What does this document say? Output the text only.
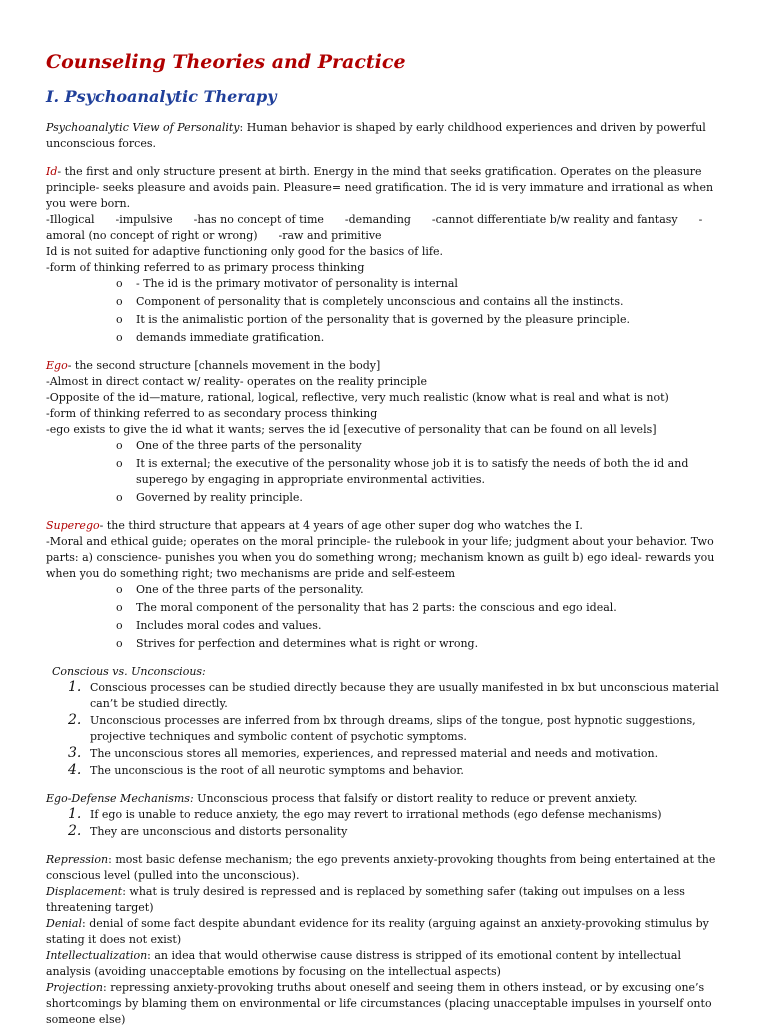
Counseling Theories and Practice
I. Psychoanalytic Therapy

Psychoanalytic View of Personality: Human behavior is shaped by early childhood experiences and driven by powerful unconscious forces.

Id- the first and only structure present at birth. Energy in the mind that seeks gratification. Operates on the pleasure principle- seeks pleasure and avoids pain. Pleasure= need gratification. The id is very immature and irrational as when you were born.

-Illogical      -impulsive      -has no concept of time      -demanding      -cannot differentiate b/w reality and fantasy      -amoral (no concept of right or wrong)      -raw and primitive

Id is not suited for adaptive functioning only good for the basics of life.

-form of thinking referred to as primary process thinking

o - The id is the primary motivator of personality is internal
o Component of personality that is completely unconscious and contains all the instincts.
o It is the animalistic portion of the personality that is governed by the pleasure principle.
o demands immediate gratification.

Ego- the second structure [channels movement in the body]

-Almost in direct contact w/ reality- operates on the reality principle

-Opposite of the id—mature, rational, logical, reflective, very much realistic (know what is real and what is not)

-form of thinking referred to as secondary process thinking

-ego exists to give the id what it wants; serves the id [executive of personality that can be found on all levels]

o One of the three parts of the personality
o It is external; the executive of the personality whose job it is to satisfy the needs of both the id and superego by engaging in appropriate environmental activities.
o Governed by reality principle.

Superego- the third structure that appears at 4 years of age other super dog who watches the I.

-Moral and ethical guide; operates on the moral principle- the rulebook in your life; judgment about your behavior. Two parts: a) conscience- punishes you when you do something wrong; mechanism known as guilt b) ego ideal- rewards you when you do something right; two mechanisms are pride and self-esteem

o One of the three parts of the personality.
o The moral component of the personality that has 2 parts: the conscious and ego ideal.
o Includes moral codes and values.
o Strives for perfection and determines what is right or wrong.

Conscious vs. Unconscious:

1. Conscious processes can be studied directly because they are usually manifested in bx but unconscious material can’t be studied directly.
2. Unconscious processes are inferred from bx through dreams, slips of the tongue, post hypnotic suggestions, projective techniques and symbolic content of psychotic symptoms.
3. The unconscious stores all memories, experiences, and repressed material and needs and motivation.
4. The unconscious is the root of all neurotic symptoms and behavior.

Ego-Defense Mechanisms: Unconscious process that falsify or distort reality to reduce or prevent anxiety.

1. If ego is unable to reduce anxiety, the ego may revert to irrational methods (ego defense mechanisms)
2. They are unconscious and distorts personality

Repression: most basic defense mechanism; the ego prevents anxiety-provoking thoughts from being entertained at the conscious level (pulled into the unconscious).

Displacement: what is truly desired is repressed and is replaced by something safer (taking out impulses on a less threatening target)

Denial: denial of some fact despite abundant evidence for its reality (arguing against an anxiety-provoking stimulus by stating it does not exist)

Intellectualization: an idea that would otherwise cause distress is stripped of its emotional content by intellectual analysis (avoiding unacceptable emotions by focusing on the intellectual aspects)

Projection: repressing anxiety-provoking truths about oneself and seeing them in others instead, or by excusing one’s shortcomings by blaming them on environmental or life circumstances (placing unacceptable impulses in yourself onto someone else)
